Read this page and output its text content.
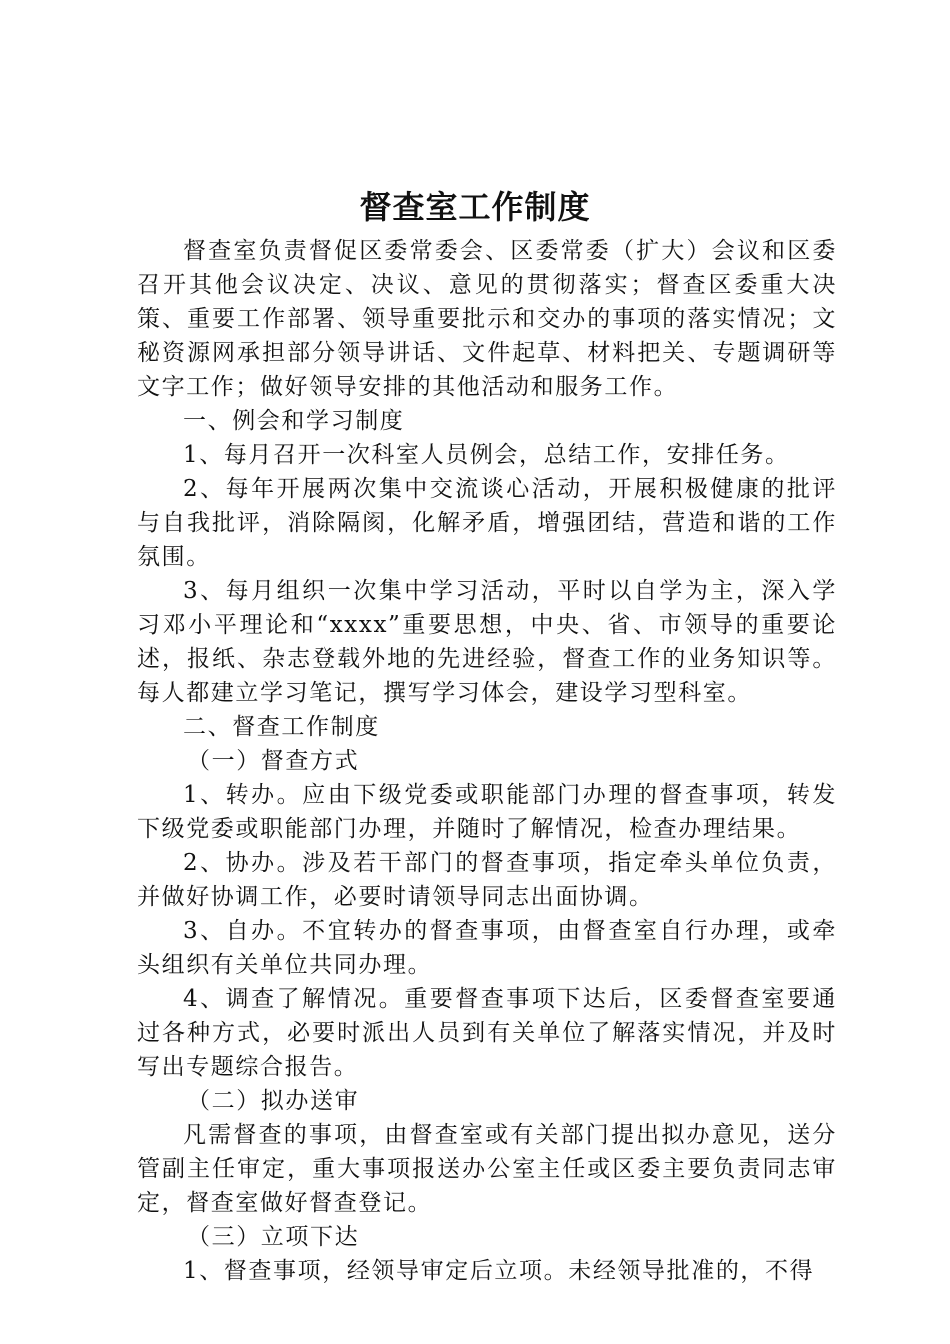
督查室工作制度

督查室负责督促区委常委会、区委常委（扩大）会议和区委召开其他会议决定、决议、意见的贯彻落实；督查区委重大决策、重要工作部署、领导重要批示和交办的事项的落实情况；文秘资源网承担部分领导讲话、文件起草、材料把关、专题调研等文字工作；做好领导安排的其他活动和服务工作。

一、例会和学习制度

1、每月召开一次科室人员例会，总结工作，安排任务。

2、每年开展两次集中交流谈心活动，开展积极健康的批评与自我批评，消除隔阂，化解矛盾，增强团结，营造和谐的工作氛围。

3、每月组织一次集中学习活动，平时以自学为主，深入学习邓小平理论和“xxxx”重要思想，中央、省、市领导的重要论述，报纸、杂志登载外地的先进经验，督查工作的业务知识等。每人都建立学习笔记，撰写学习体会，建设学习型科室。

二、督查工作制度

（一）督查方式

1、转办。应由下级党委或职能部门办理的督查事项，转发下级党委或职能部门办理，并随时了解情况，检查办理结果。

2、协办。涉及若干部门的督查事项，指定牵头单位负责，并做好协调工作，必要时请领导同志出面协调。

3、自办。不宜转办的督查事项，由督查室自行办理，或牵头组织有关单位共同办理。

4、调查了解情况。重要督查事项下达后，区委督查室要通过各种方式，必要时派出人员到有关单位了解落实情况，并及时写出专题综合报告。

（二）拟办送审

凡需督查的事项，由督查室或有关部门提出拟办意见，送分管副主任审定，重大事项报送办公室主任或区委主要负责同志审定，督查室做好督查登记。

（三）立项下达

1、督查事项，经领导审定后立项。未经领导批准的，不得
